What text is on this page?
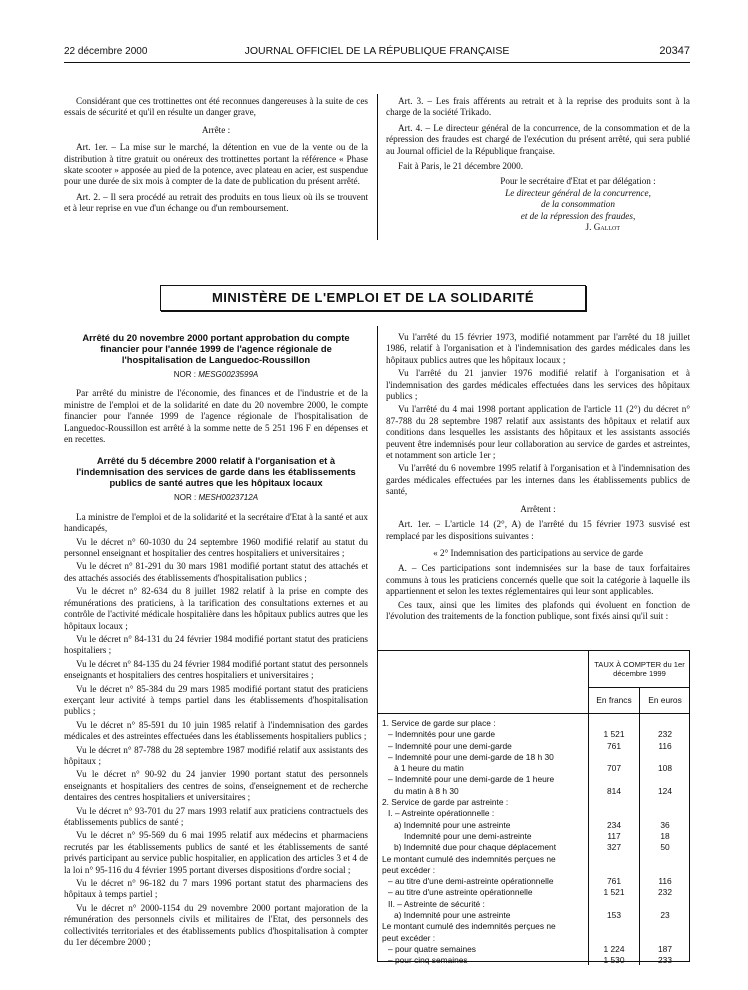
22 décembre 2000	JOURNAL OFFICIEL DE LA RÉPUBLIQUE FRANÇAISE	20347

Considérant que ces trottinettes ont été reconnues dangereuses à la suite de ces essais de sécurité et qu'il en résulte un danger grave,

Arrête :

Art. 1er. – La mise sur le marché, la détention en vue de la vente ou de la distribution à titre gratuit ou onéreux des trottinettes portant la référence « Phase skate scooter » apposée au pied de la potence, avec plateau en acier, est suspendue pour une durée de six mois à compter de la date de publication du présent arrêté.

Art. 2. – Il sera procédé au retrait des produits en tous lieux où ils se trouvent et à leur reprise en vue d'un échange ou d'un remboursement.

Art. 3. – Les frais afférents au retrait et à la reprise des produits sont à la charge de la société Trikado.

Art. 4. – Le directeur général de la concurrence, de la consommation et de la répression des fraudes est chargé de l'exécution du présent arrêté, qui sera publié au Journal officiel de la République française.

Fait à Paris, le 21 décembre 2000.

Pour le secrétaire d'Etat et par délégation :

Le directeur général de la concurrence,

de la consommation

et de la répression des fraudes,

J. Gallot

MINISTÈRE DE L'EMPLOI ET DE LA SOLIDARITÉ
Arrêté du 20 novembre 2000 portant approbation du compte financier pour l'année 1999 de l'agence régionale de l'hospitalisation de Languedoc-Roussillon
NOR : MESG0023599A

Par arrêté du ministre de l'économie, des finances et de l'industrie et de la ministre de l'emploi et de la solidarité en date du 20 novembre 2000, le compte financier pour l'année 1999 de l'agence régionale de l'hospitalisation de Languedoc-Roussillon est arrêté à la somme nette de 5 251 196 F en dépenses et en recettes.

Arrêté du 5 décembre 2000 relatif à l'organisation et à l'indemnisation des services de garde dans les établissements publics de santé autres que les hôpitaux locaux
NOR : MESH0023712A

La ministre de l'emploi et de la solidarité et la secrétaire d'Etat à la santé et aux handicapés,

Vu le décret n° 60-1030 du 24 septembre 1960 modifié relatif au statut du personnel enseignant et hospitalier des centres hospitaliers et universitaires ;

Vu le décret n° 81-291 du 30 mars 1981 modifié portant statut des attachés et des attachés associés des établissements d'hospitalisation publics ;

Vu le décret n° 82-634 du 8 juillet 1982 relatif à la prise en compte des rémunérations des praticiens, à la tarification des consultations externes et au contrôle de l'activité médicale hospitalière dans les hôpitaux publics autres que les hôpitaux locaux ;

Vu le décret n° 84-131 du 24 février 1984 modifié portant statut des praticiens hospitaliers ;

Vu le décret n° 84-135 du 24 février 1984 modifié portant statut des personnels enseignants et hospitaliers des centres hospitaliers et universitaires ;

Vu le décret n° 85-384 du 29 mars 1985 modifié portant statut des praticiens exerçant leur activité à temps partiel dans les établissements d'hospitalisation publics ;

Vu le décret n° 85-591 du 10 juin 1985 relatif à l'indemnisation des gardes médicales et des astreintes effectuées dans les établissements hospitaliers publics ;

Vu le décret n° 87-788 du 28 septembre 1987 modifié relatif aux assistants des hôpitaux ;

Vu le décret n° 90-92 du 24 janvier 1990 portant statut des personnels enseignants et hospitaliers des centres de soins, d'enseignement et de recherche dentaires des centres hospitaliers et universitaires ;

Vu le décret n° 93-701 du 27 mars 1993 relatif aux praticiens contractuels des établissements publics de santé ;

Vu le décret n° 95-569 du 6 mai 1995 relatif aux médecins et pharmaciens recrutés par les établissements publics de santé et les établissements de santé privés participant au service public hospitalier, en application des articles 3 et 4 de la loi n° 95-116 du 4 février 1995 portant diverses dispositions d'ordre social ;

Vu le décret n° 96-182 du 7 mars 1996 portant statut des pharmaciens des hôpitaux à temps partiel ;

Vu le décret n° 2000-1154 du 29 novembre 2000 portant majoration de la rémunération des personnels civils et militaires de l'Etat, des personnels des collectivités territoriales et des établissements publics d'hospitalisation à compter du 1er décembre 2000 ;

Vu l'arrêté du 15 février 1973, modifié notamment par l'arrêté du 18 juillet 1986, relatif à l'organisation et à l'indemnisation des gardes médicales dans les hôpitaux publics autres que les hôpitaux locaux ;

Vu l'arrêté du 21 janvier 1976 modifié relatif à l'organisation et à l'indemnisation des gardes médicales effectuées dans les services des hôpitaux publics ;

Vu l'arrêté du 4 mai 1998 portant application de l'article 11 (2°) du décret n° 87-788 du 28 septembre 1987 relatif aux assistants des hôpitaux et relatif aux conditions dans lesquelles les assistants des hôpitaux et les assistants associés peuvent être indemnisés pour leur collaboration au service de gardes et astreintes, et notamment son article 1er ;

Vu l'arrêté du 6 novembre 1995 relatif à l'organisation et à l'indemnisation des gardes médicales effectuées par les internes dans les établissements publics de santé,

Arrêtent :

Art. 1er. – L'article 14 (2°, A) de l'arrêté du 15 février 1973 susvisé est remplacé par les dispositions suivantes :

« 2° Indemnisation des participations au service de garde

A. – Ces participations sont indemnisées sur la base de taux forfaitaires communs à tous les praticiens concernés quelle que soit la catégorie à laquelle ils appartiennent et selon les textes réglementaires qui leur sont applicables.

Ces taux, ainsi que les limites des plafonds qui évoluent en fonction de l'évolution des traitements de la fonction publique, sont fixés ainsi qu'il suit :

	TAUX À COMPTER du 1er décembre 1999	
	En francs	En euros
1. Service de garde sur place :		
– Indemnités pour une garde	1 521	232
– Indemnité pour une demi-garde	761	116
– Indemnité pour une demi-garde de 18 h 30		
à 1 heure du matin	707	108
– Indemnité pour une demi-garde de 1 heure		
du matin à 8 h 30	814	124
2. Service de garde par astreinte :		
I. – Astreinte opérationnelle :		
a) Indemnité pour une astreinte	234	36
Indemnité pour une demi-astreinte	117	18
b) Indemnité due pour chaque déplacement	327	50
Le montant cumulé des indemnités perçues ne		
peut excéder :		
– au titre d'une demi-astreinte opérationnelle	761	116
– au titre d'une astreinte opérationnelle	1 521	232
II. – Astreinte de sécurité :		
a) Indemnité pour une astreinte	153	23
Le montant cumulé des indemnités perçues ne		
peut excéder :		
– pour quatre semaines	1 224	187
– pour cinq semaines	1 530	233
